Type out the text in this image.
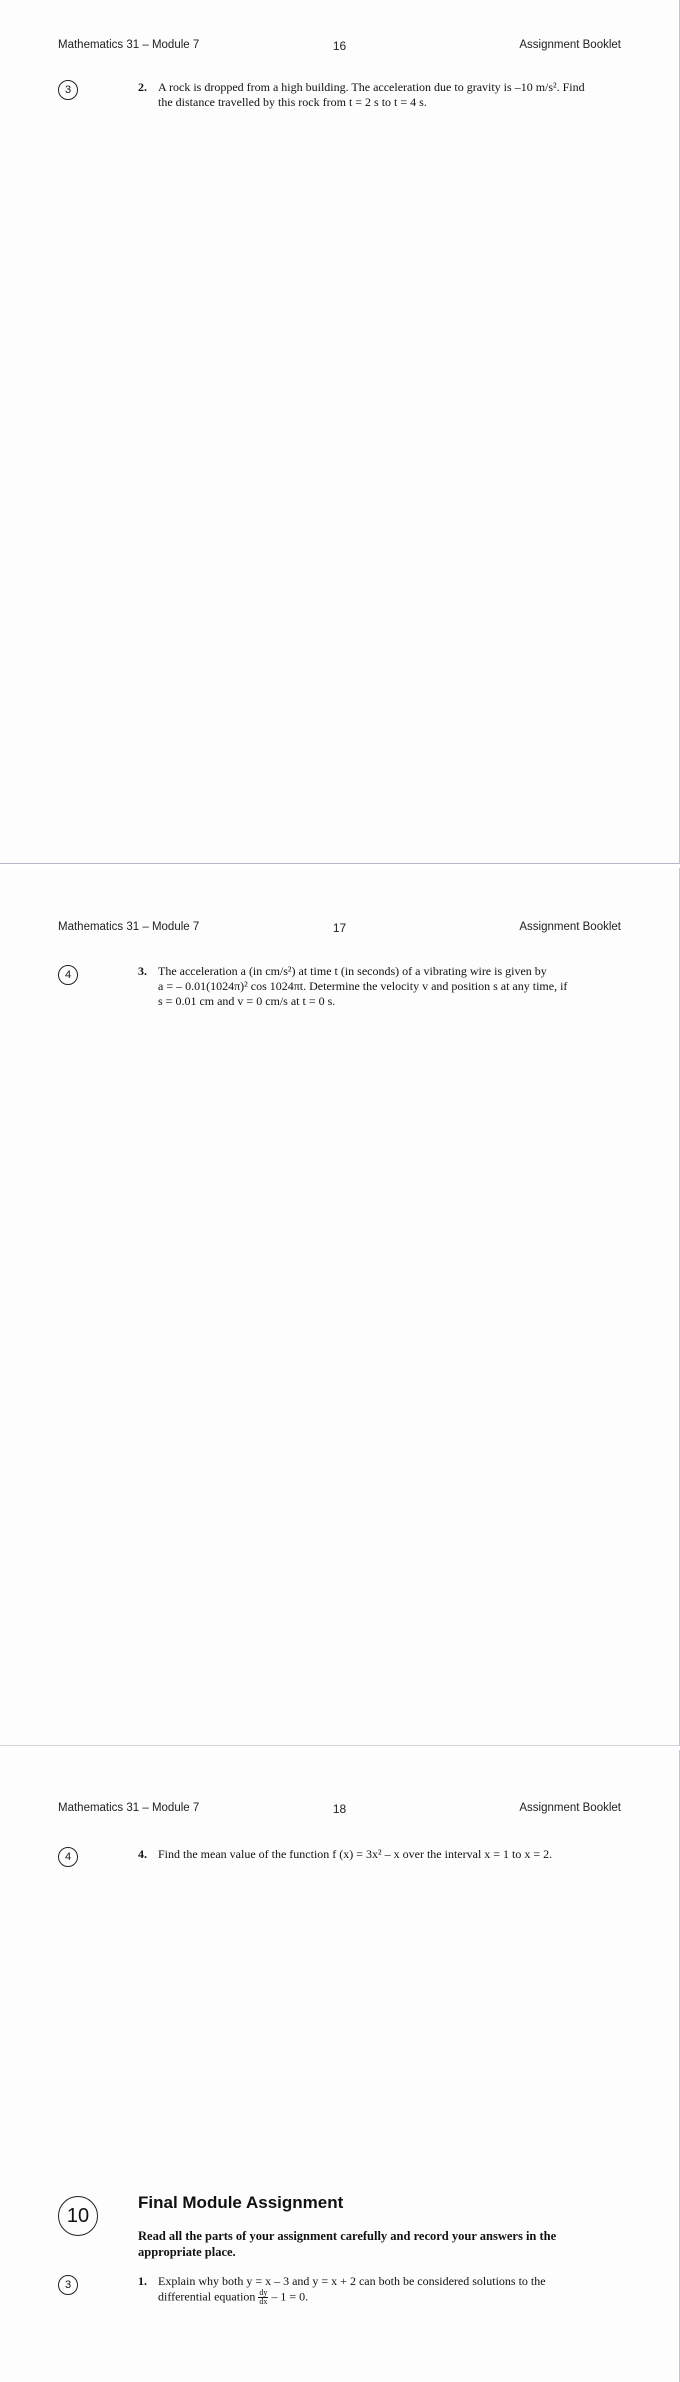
Mathematics 31 – Module 7	16	Assignment Booklet
3	2. A rock is dropped from a high building. The acceleration due to gravity is –10 m/s². Find
the distance travelled by this rock from t = 2 s to t = 4 s.
Mathematics 31 – Module 7	17	Assignment Booklet
4	3. The acceleration a (in cm/s²) at time t (in seconds) of a vibrating wire is given by
a = – 0.01(1024π)² cos 1024πt. Determine the velocity v and position s at any time, if
s = 0.01 cm and v = 0 cm/s at t = 0 s.
Mathematics 31 – Module 7	18	Assignment Booklet
4	4. Find the mean value of the function f (x) = 3x² – x over the interval x = 1 to x = 2.
10
Final Module Assignment
Read all the parts of your assignment carefully and record your answers in the appropriate place.
3	1. Explain why both y = x – 3 and y = x + 2 can both be considered solutions to the
differential equation $\frac{dy}{dx} - 1 = 0$.
